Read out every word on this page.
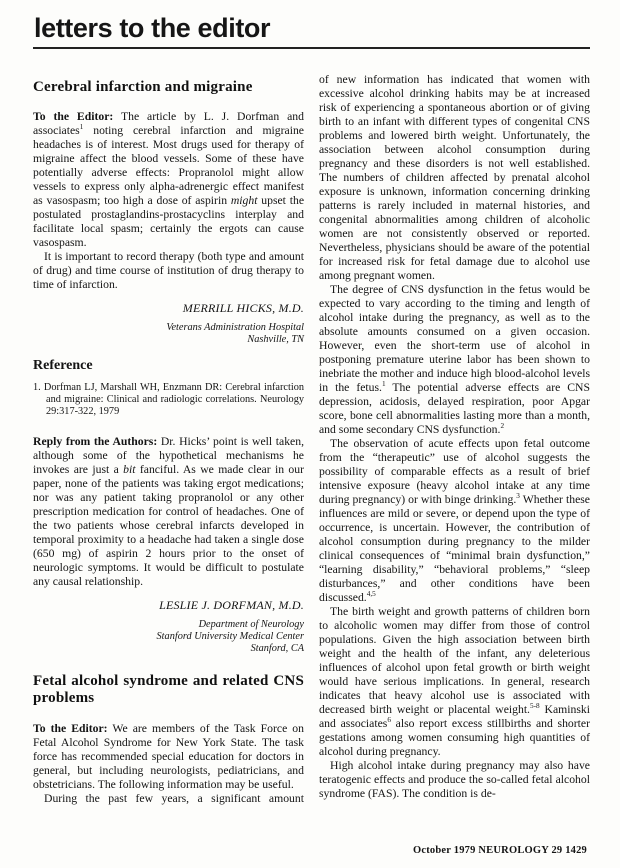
letters to the editor
Cerebral infarction and migraine

To the Editor: The article by L. J. Dorfman and associates$^1$ noting cerebral infarction and migraine headaches is of interest. Most drugs used for therapy of migraine affect the blood vessels. Some of these have potentially adverse effects: Propranolol might allow vessels to express only alpha-adrenergic effect manifest as vasospasm; too high a dose of aspirin might upset the postulated prostaglandins-prostacyclins interplay and facilitate local spasm; certainly the ergots can cause vasospasm.

It is important to record therapy (both type and amount of drug) and time course of institution of drug therapy to time of infarction.

MERRILL HICKS, M.D.

Veterans Administration Hospital
Nashville, TN
Reference

1. Dorfman LJ, Marshall WH, Enzmann DR: Cerebral infarction and migraine: Clinical and radiologic correlations. Neurology 29:317-322, 1979

Reply from the Authors: Dr. Hicks’ point is well taken, although some of the hypothetical mechanisms he invokes are just a bit fanciful. As we made clear in our paper, none of the patients was taking ergot medications; nor was any patient taking propranolol or any other prescription medication for control of headaches. One of the two patients whose cerebral infarcts developed in temporal proximity to a headache had taken a single dose (650 mg) of aspirin 2 hours prior to the onset of neurologic symptoms. It would be difficult to postulate any causal relationship.

LESLIE J. DORFMAN, M.D.

Department of Neurology
Stanford University Medical Center
Stanford, CA
Fetal alcohol syndrome and related CNS problems

To the Editor: We are members of the Task Force on Fetal Alcohol Syndrome for New York State. The task force has recommended special education for doctors in general, but including neurologists, pediatricians, and obstetricians. The following information may be useful.

During the past few years, a significant amount

of new information has indicated that women with excessive alcohol drinking habits may be at increased risk of experiencing a spontaneous abortion or of giving birth to an infant with different types of congenital CNS problems and lowered birth weight. Unfortunately, the association between alcohol consumption during pregnancy and these disorders is not well established. The numbers of children affected by prenatal alcohol exposure is unknown, information concerning drinking patterns is rarely included in maternal histories, and congenital abnormalities among children of alcoholic women are not consistently observed or reported. Nevertheless, physicians should be aware of the potential for increased risk for fetal damage due to alcohol use among pregnant women.

The degree of CNS dysfunction in the fetus would be expected to vary according to the timing and length of alcohol intake during the pregnancy, as well as to the absolute amounts consumed on a given occasion. However, even the short-term use of alcohol in postponing premature uterine labor has been shown to inebriate the mother and induce high blood-alcohol levels in the fetus.$^1$ The potential adverse effects are CNS depression, acidosis, delayed respiration, poor Apgar score, bone cell abnormalities lasting more than a month, and some secondary CNS dysfunction.$^2$

The observation of acute effects upon fetal outcome from the “therapeutic” use of alcohol suggests the possibility of comparable effects as a result of brief intensive exposure (heavy alcohol intake at any time during pregnancy) or with binge drinking.$^3$ Whether these influences are mild or severe, or depend upon the type of occurrence, is uncertain. However, the contribution of alcohol consumption during pregnancy to the milder clinical consequences of “minimal brain dysfunction,” “learning disability,” “behavioral problems,” “sleep disturbances,” and other conditions have been discussed.$^{4,5}$

The birth weight and growth patterns of children born to alcoholic women may differ from those of control populations. Given the high association between birth weight and the health of the infant, any deleterious influences of alcohol upon fetal growth or birth weight would have serious implications. In general, research indicates that heavy alcohol use is associated with decreased birth weight or placental weight.$^{5-8}$ Kaminski and associates$^6$ also report excess stillbirths and shorter gestations among women consuming high quantities of alcohol during pregnancy.

High alcohol intake during pregnancy may also have teratogenic effects and produce the so-called fetal alcohol syndrome (FAS). The condition is de-

October 1979 NEUROLOGY 29 1429
